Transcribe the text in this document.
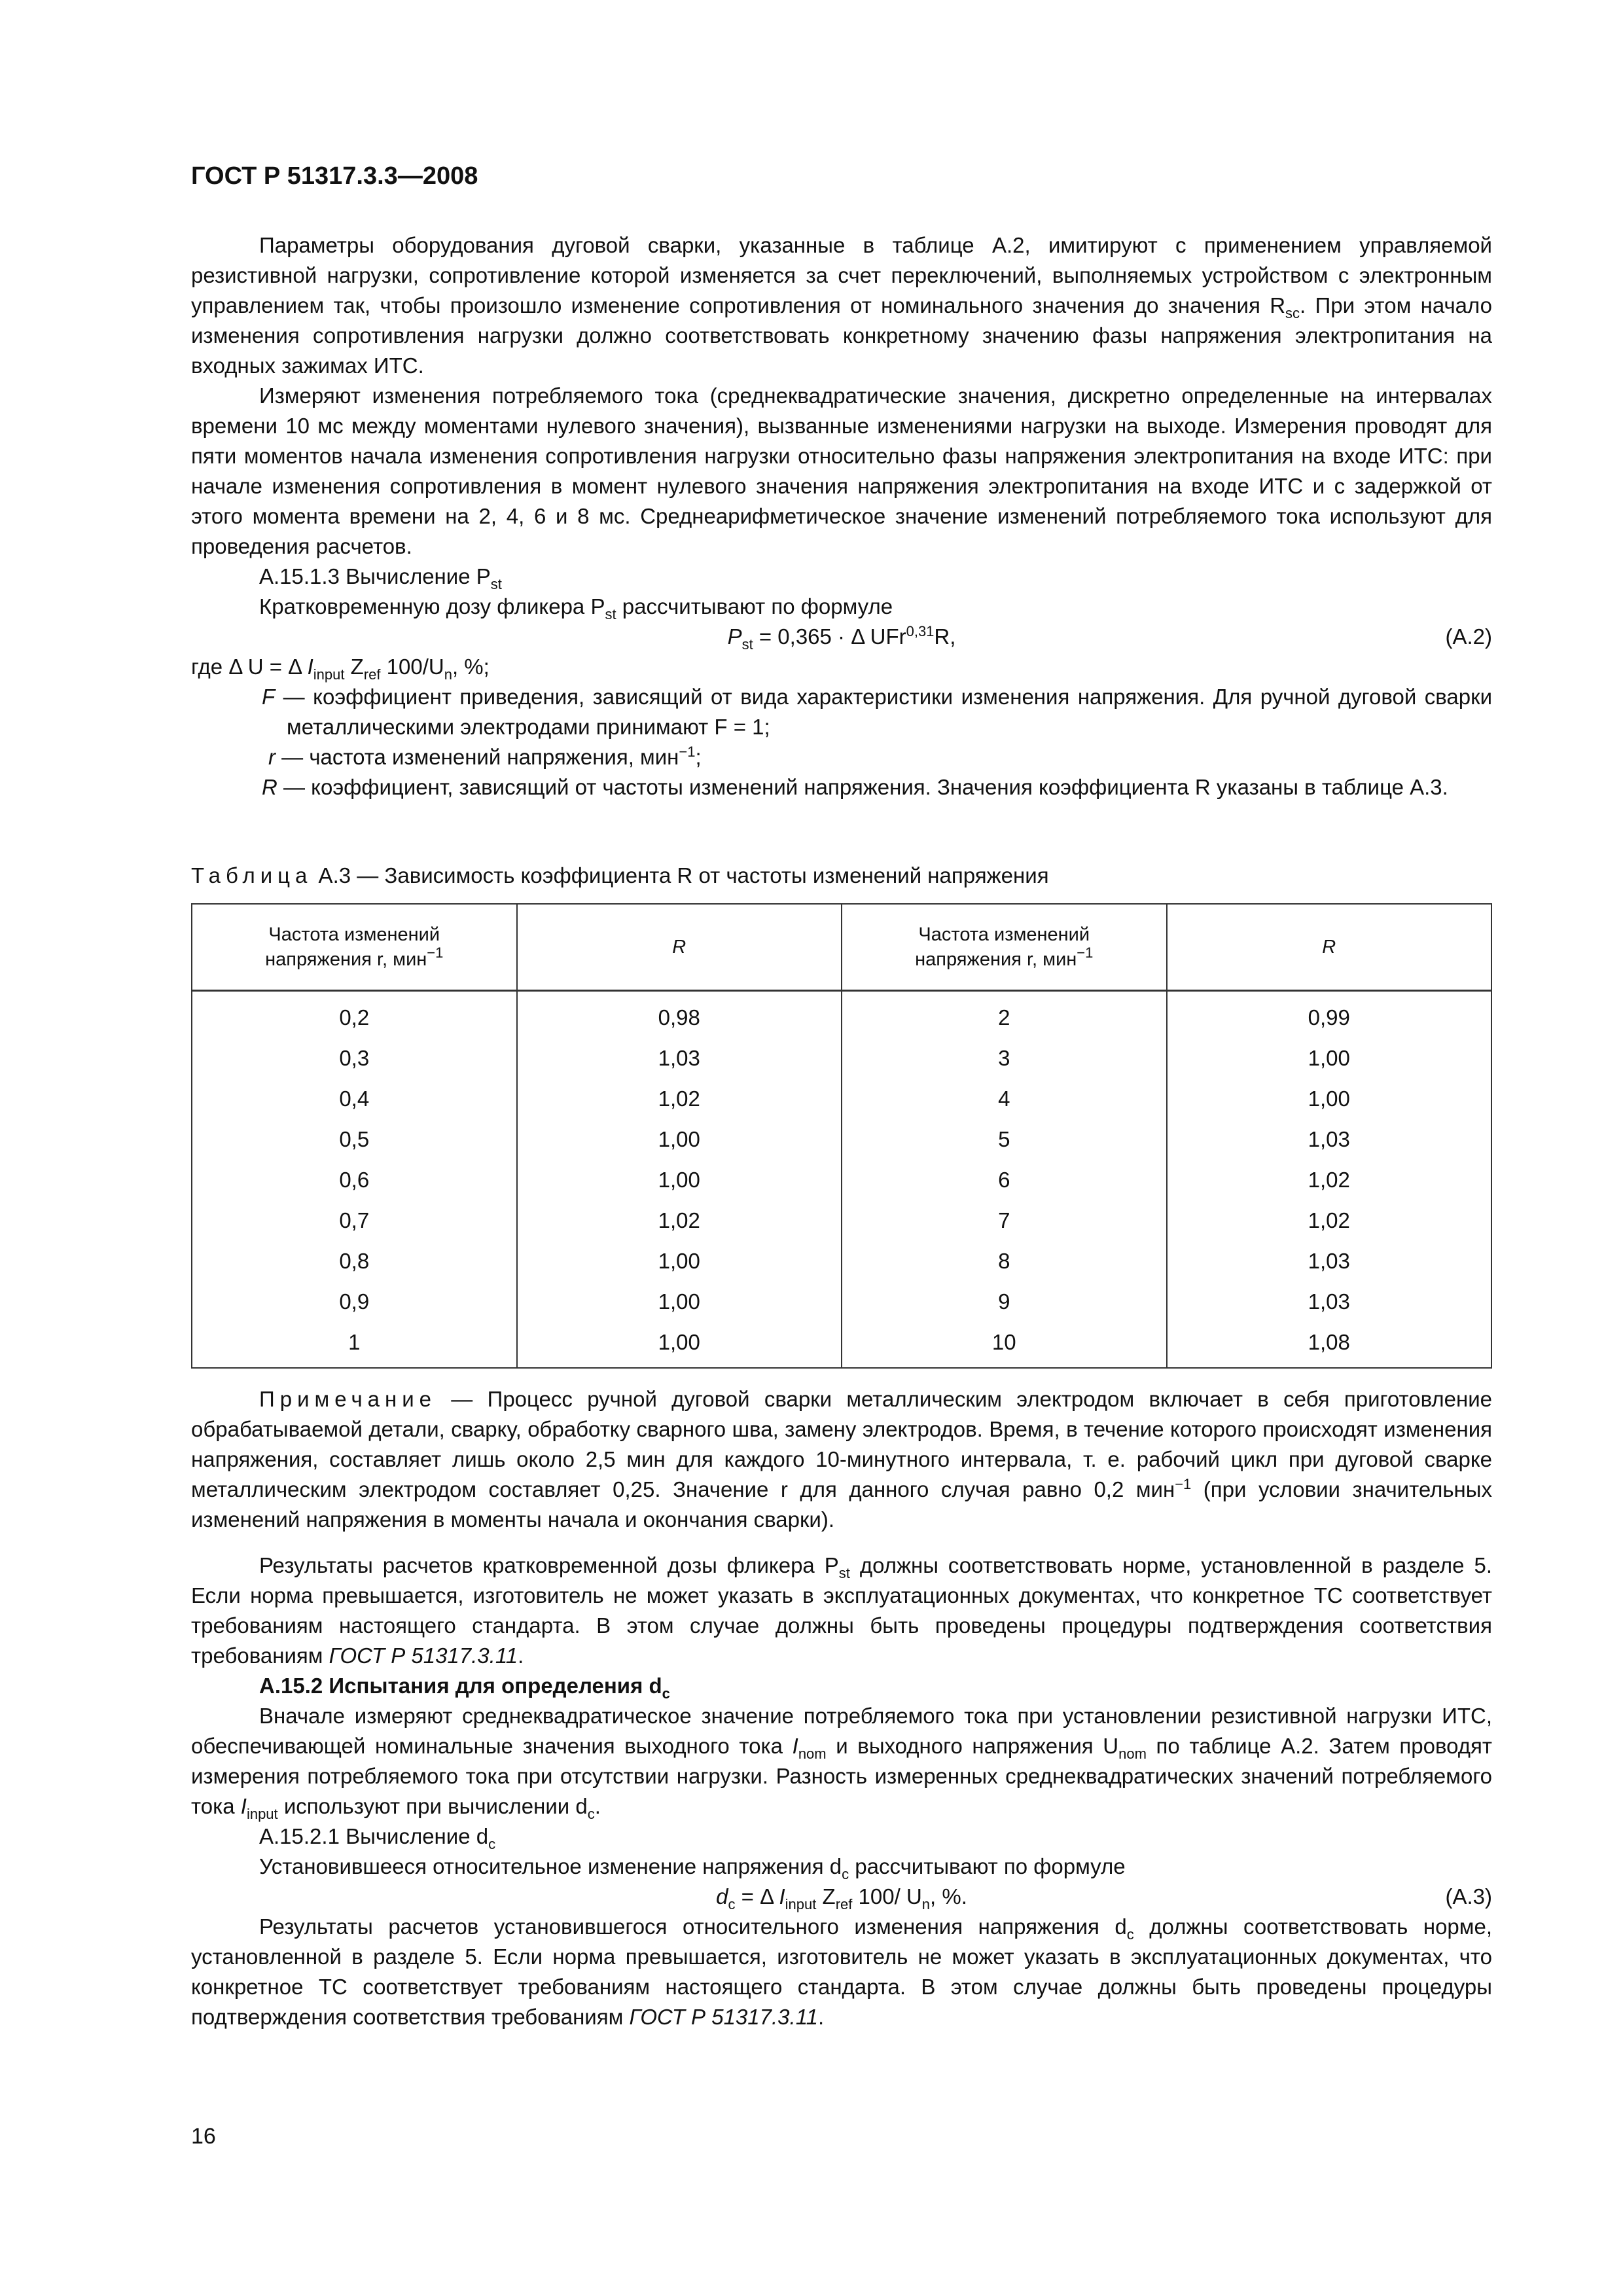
ГОСТ Р 51317.3.3—2008

Параметры оборудования дуговой сварки, указанные в таблице А.2, имитируют с применением управляемой резистивной нагрузки, сопротивление которой изменяется за счет переключений, выполняемых устройством с электронным управлением так, чтобы произошло изменение сопротивления от номинального значения до значения $R_{sc}$. При этом начало изменения сопротивления нагрузки должно соответствовать конкретному значению фазы напряжения электропитания на входных зажимах ИТС.

Измеряют изменения потребляемого тока (среднеквадратические значения, дискретно определенные на интервалах времени 10 мс между моментами нулевого значения), вызванные изменениями нагрузки на выходе. Измерения проводят для пяти моментов начала изменения сопротивления нагрузки относительно фазы напряжения электропитания на входе ИТС: при начале изменения сопротивления в момент нулевого значения напряжения электропитания на входе ИТС и с задержкой от этого момента времени на 2, 4, 6 и 8 мс. Среднеарифметическое значение изменений потребляемого тока используют для проведения расчетов.

А.15.1.3 Вычисление $P_{st}$

Кратковременную дозу фликера $P_{st}$ рассчитывают по формуле

$P_{st} = 0,365 \cdot \Delta$ UFr$^{0,31}$R,	(А.2)

где Δ U = Δ $I_{input}$ $Z_{ref}$ $100/U_n$, %;

F — коэффициент приведения, зависящий от вида характеристики изменения напряжения. Для ручной дуговой сварки металлическими электродами принимают F = 1;

r — частота изменений напряжения, мин$^{-1}$;

R — коэффициент, зависящий от частоты изменений напряжения. Значения коэффициента R указаны в таблице А.3.

Таблица А.3 — Зависимость коэффициента R от частоты изменений напряжения

Частота изменений
напряжения r, мин$^{-1}$	R	Частота изменений
напряжения r, мин$^{-1}$	R
0,2	0,98	2	0,99
0,3	1,03	3	1,00
0,4	1,02	4	1,00
0,5	1,00	5	1,03
0,6	1,00	6	1,02
0,7	1,02	7	1,02
0,8	1,00	8	1,03
0,9	1,00	9	1,03
1	1,00	10	1,08

Примечание — Процесс ручной дуговой сварки металлическим электродом включает в себя приготовление обрабатываемой детали, сварку, обработку сварного шва, замену электродов. Время, в течение которого происходят изменения напряжения, составляет лишь около 2,5 мин для каждого 10-минутного интервала, т. е. рабочий цикл при дуговой сварке металлическим электродом составляет 0,25. Значение r для данного случая равно 0,2 мин$^{-1}$ (при условии значительных изменений напряжения в моменты начала и окончания сварки).

Результаты расчетов кратковременной дозы фликера $P_{st}$ должны соответствовать норме, установленной в разделе 5. Если норма превышается, изготовитель не может указать в эксплуатационных документах, что конкретное ТС соответствует требованиям настоящего стандарта. В этом случае должны быть проведены процедуры подтверждения соответствия требованиям ГОСТ Р 51317.3.11.

А.15.2 Испытания для определения $d_c$

Вначале измеряют среднеквадратическое значение потребляемого тока при установлении резистивной нагрузки ИТС, обеспечивающей номинальные значения выходного тока $I_{nom}$ и выходного напряжения $U_{nom}$ по таблице А.2. Затем проводят измерения потребляемого тока при отсутствии нагрузки. Разность измеренных среднеквадратических значений потребляемого тока $I_{input}$ используют при вычислении $d_c$.

А.15.2.1 Вычисление $d_c$

Установившееся относительное изменение напряжения $d_c$ рассчитывают по формуле

$d_c = \Delta$ $I_{input}$ $Z_{ref}$ 100/ $U_n$, %.	(А.3)

Результаты расчетов установившегося относительного изменения напряжения $d_c$ должны соответствовать норме, установленной в разделе 5. Если норма превышается, изготовитель не может указать в эксплуатационных документах, что конкретное ТС соответствует требованиям настоящего стандарта. В этом случае должны быть проведены процедуры подтверждения соответствия требованиям ГОСТ Р 51317.3.11.

16
